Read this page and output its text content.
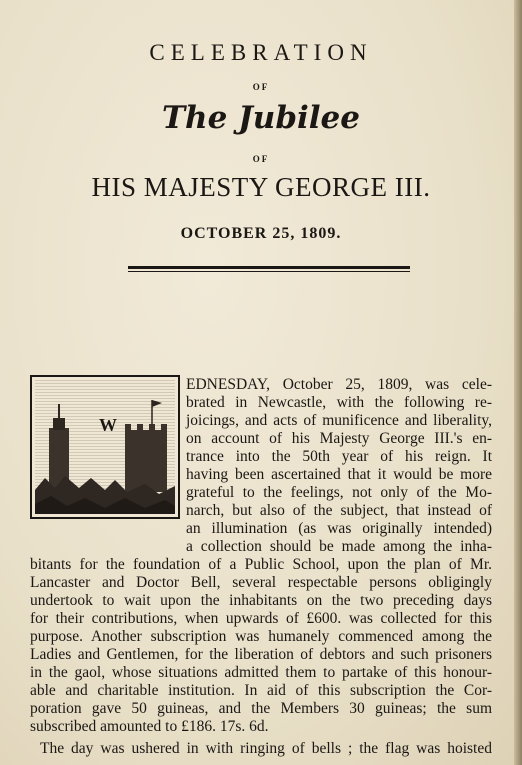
CELEBRATION
OF
The Jubilee
OF
HIS MAJESTY GEORGE III.
OCTOBER 25, 1809.
W
EDNESDAY, October 25, 1809, was cele-
brated in Newcastle, with the following re-
joicings, and acts of munificence and liberality,
on account of his Majesty George III.'s en-
trance into the 50th year of his reign. It
having been ascertained that it would be more
grateful to the feelings, not only of the Mo-
narch, but also of the subject, that instead of
an illumination (as was originally intended)
a collection should be made among the inha-
bitants for the foundation of a Public School, upon the plan of Mr.
Lancaster and Doctor Bell, several respectable persons obligingly
undertook to wait upon the inhabitants on the two preceding days
for their contributions, when upwards of £600. was collected for this
purpose. Another subscription was humanely commenced among the
Ladies and Gentlemen, for the liberation of debtors and such prisoners
in the gaol, whose situations admitted them to partake of this honour-
able and charitable institution. In aid of this subscription the Cor-
poration gave 50 guineas, and the Members 30 guineas; the sum
subscribed amounted to £186. 17s. 6d.
The day was ushered in with ringing of bells ; the flag was hoisted
